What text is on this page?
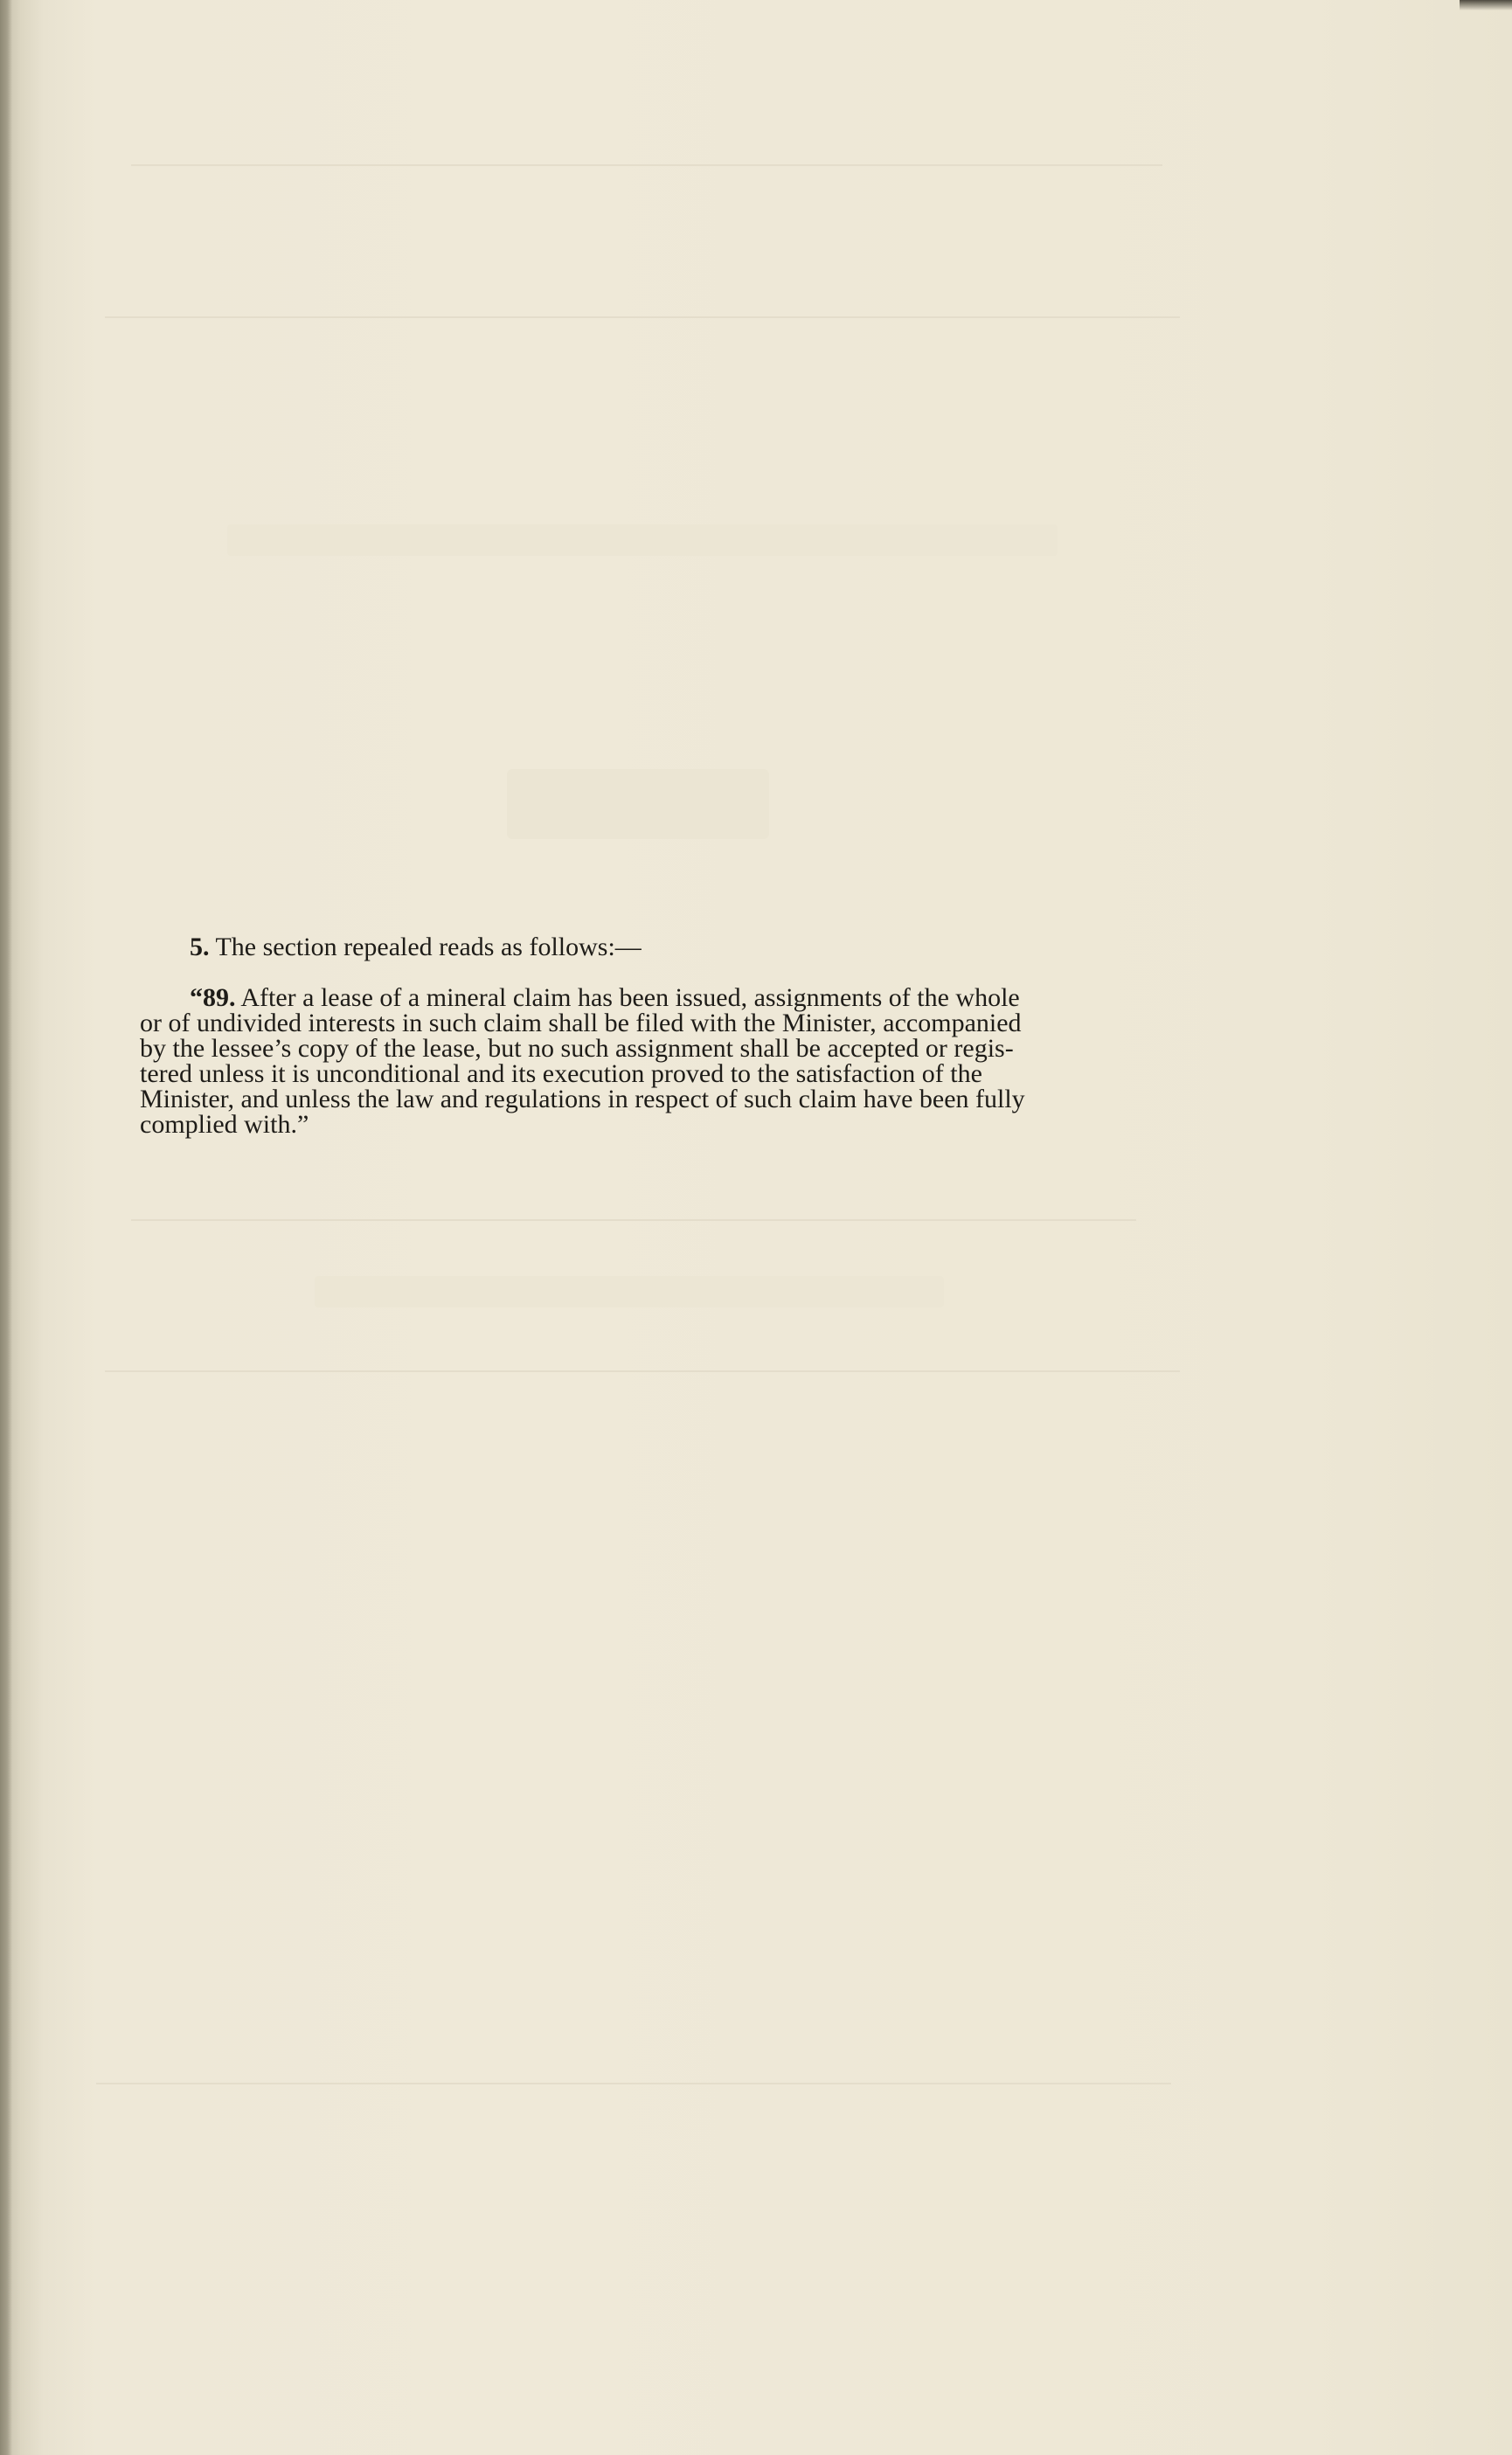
5. The section repealed reads as follows:—
“89. After a lease of a mineral claim has been issued, assignments of the whole
or of undivided interests in such claim shall be filed with the Minister, accompanied
by the lessee’s copy of the lease, but no such assignment shall be accepted or regis-
tered unless it is unconditional and its execution proved to the satisfaction of the
Minister, and unless the law and regulations in respect of such claim have been fully
complied with.”
